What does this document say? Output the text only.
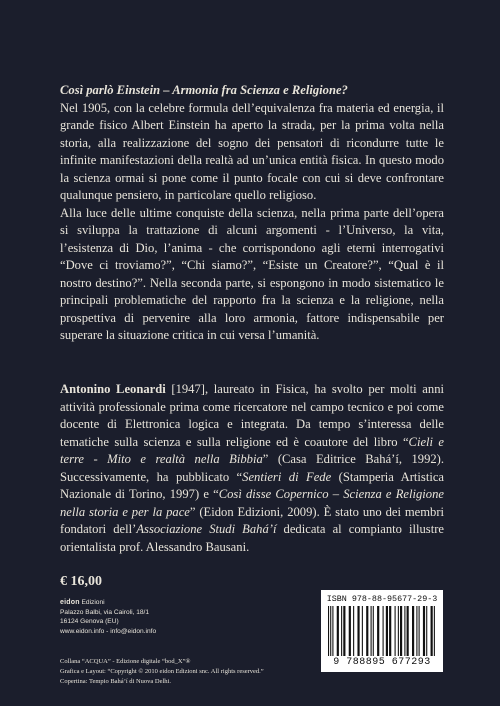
Così parlò Einstein – Armonia fra Scienza e Religione?

Nel 1905, con la celebre formula dell’equivalenza fra materia ed energia, il grande fisico Albert Einstein ha aperto la strada, per la prima volta nella storia, alla realizzazione del sogno dei pensatori di ricondurre tutte le infinite manifestazioni della realtà ad un’unica entità fisica. In questo modo la scienza ormai si pone come il punto focale con cui si deve confrontare qualunque pensiero, in particolare quello religioso.

Alla luce delle ultime conquiste della scienza, nella prima parte dell’opera si sviluppa la trattazione di alcuni argomenti - l’Universo, la vita, l’esistenza di Dio, l’anima - che corrispondono agli eterni interrogativi “Dove ci troviamo?”, “Chi siamo?”, “Esiste un Creatore?”, “Qual è il nostro destino?”. Nella seconda parte, si espongono in modo sistematico le principali problematiche del rapporto fra la scienza e la religione, nella prospettiva di pervenire alla loro armonia, fattore indispensabile per superare la situazione critica in cui versa l’umanità.

Antonino Leonardi [1947], laureato in Fisica, ha svolto per molti anni attività professionale prima come ricercatore nel campo tecnico e poi come docente di Elettronica logica e integrata. Da tempo s’interessa delle tematiche sulla scienza e sulla religione ed è coautore del libro “Cieli e terre - Mito e realtà nella Bibbia” (Casa Editrice Bahá’í, 1992). Successivamente, ha pubblicato “Sentieri di Fede (Stamperia Artistica Nazionale di Torino, 1997) e “Così disse Copernico – Scienza e Religione nella storia e per la pace” (Eidon Edizioni, 2009). È stato uno dei membri fondatori dell’Associazione Studi Bahá’í dedicata al compianto illustre orientalista prof. Alessandro Bausani.

€ 16,00
eidon Edizioni
Palazzo Balbi, via Cairoli, 18/1
16124 Genova (EU)
www.eidon.info - info@eidon.info
Collana “ACQUA” - Edizione digitale “bod_X”®
Grafica e Layout: “Copyright © 2010 eidon Edizioni snc. All rights reserved.”
Copertina: Tempio Bahá’í di Nuova Delhi.
ISBN 978-88-95677-29-3
9 788895 677293
